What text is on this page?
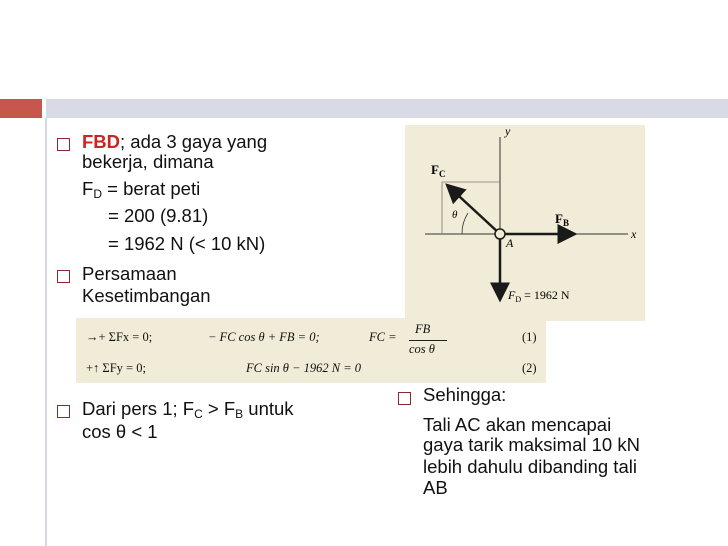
FBD; ada 3 gaya yang
bekerja, dimana
$F_D$ = berat peti
= 200 (9.81)
= 1962 N (< 10 kN)
Persamaan
Kesetimbangan
Dari pers 1; $F_C > F_B$ untuk
cos θ < 1
Sehingga:
Tali AC akan mencapai
gaya tarik maksimal 10 kN
lebih dahulu dibanding tali
AB
y
x
$F_C$
$F_B$
A
θ
$F_D = 1962$ N
→+ ΣFx = 0;	− FC cos θ + FB = 0;	FC =
FB
cos θ
(1)
+↑ ΣFy = 0;	FC sin θ − 1962 N = 0	(2)
